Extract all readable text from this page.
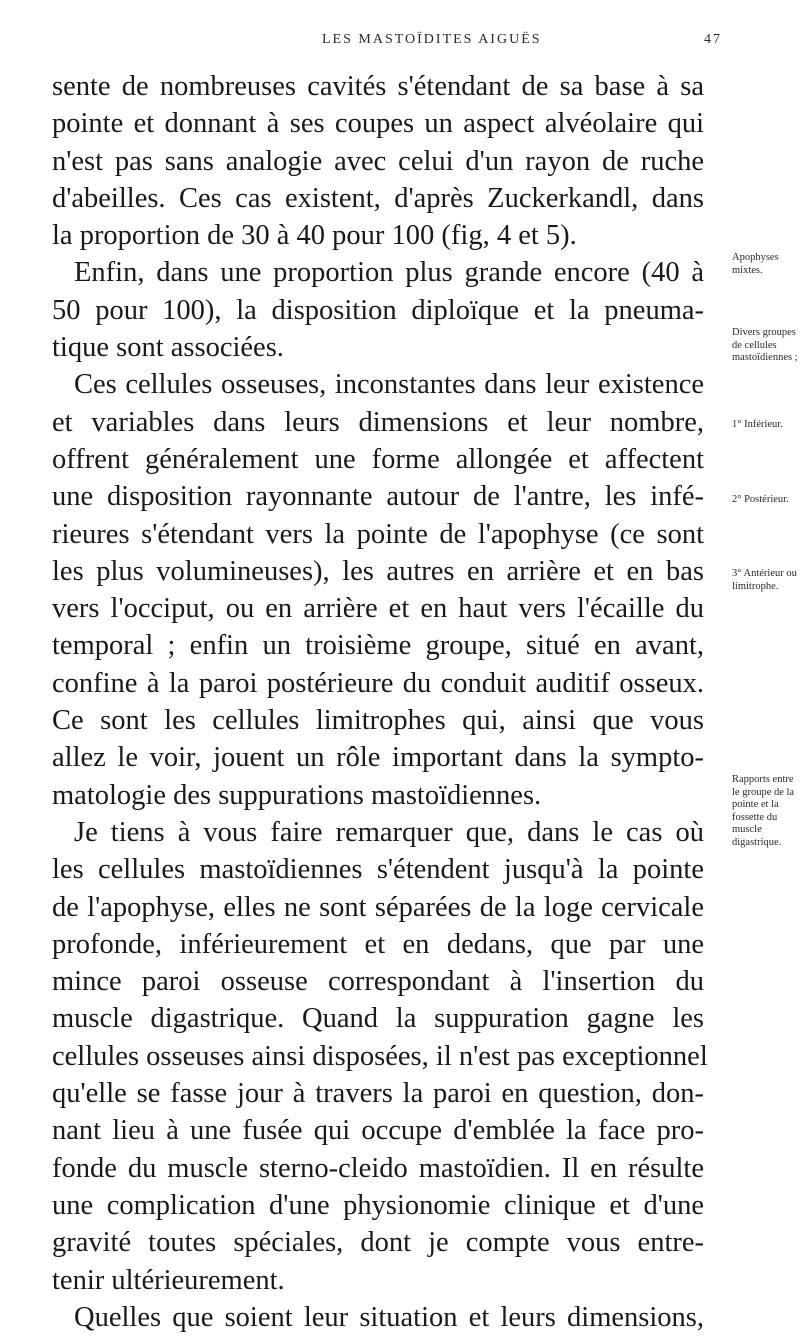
LES MASTOÏDITES AIGUËS	47
sente de nombreuses cavités s'étendant de sa base à sa
pointe et donnant à ses coupes un aspect alvéolaire qui
n'est pas sans analogie avec celui d'un rayon de ruche
d'abeilles. Ces cas existent, d'après Zuckerkandl, dans
la proportion de 30 à 40 pour 100 (fig, 4 et 5).
Enfin, dans une proportion plus grande encore (40 à
50 pour 100), la disposition diploïque et la pneuma-
tique sont associées.
Ces cellules osseuses, inconstantes dans leur existence
et variables dans leurs dimensions et leur nombre,
offrent généralement une forme allongée et affectent
une disposition rayonnante autour de l'antre, les infé-
rieures s'étendant vers la pointe de l'apophyse (ce sont
les plus volumineuses), les autres en arrière et en bas
vers l'occiput, ou en arrière et en haut vers l'écaille du
temporal ; enfin un troisième groupe, situé en avant,
confine à la paroi postérieure du conduit auditif osseux.
Ce sont les cellules limitrophes qui, ainsi que vous
allez le voir, jouent un rôle important dans la sympto-
matologie des suppurations mastoïdiennes.
Je tiens à vous faire remarquer que, dans le cas où
les cellules mastoïdiennes s'étendent jusqu'à la pointe
de l'apophyse, elles ne sont séparées de la loge cervicale
profonde, inférieurement et en dedans, que par une
mince paroi osseuse correspondant à l'insertion du
muscle digastrique. Quand la suppuration gagne les
cellules osseuses ainsi disposées, il n'est pas exceptionnel
qu'elle se fasse jour à travers la paroi en question, don-
nant lieu à une fusée qui occupe d'emblée la face pro-
fonde du muscle sterno-cleido mastoïdien. Il en résulte
une complication d'une physionomie clinique et d'une
gravité toutes spéciales, dont je compte vous entre-
tenir ultérieurement.
Quelles que soient leur situation et leurs dimensions,
Apophyses mixtes.
Divers groupes de cellules mastoïdiennes ;
1° Inférieur.
2° Postérieur.
3° Antérieur ou limitrophe.
Rapports entre le groupe de la pointe et la fossette du muscle digastrique.
